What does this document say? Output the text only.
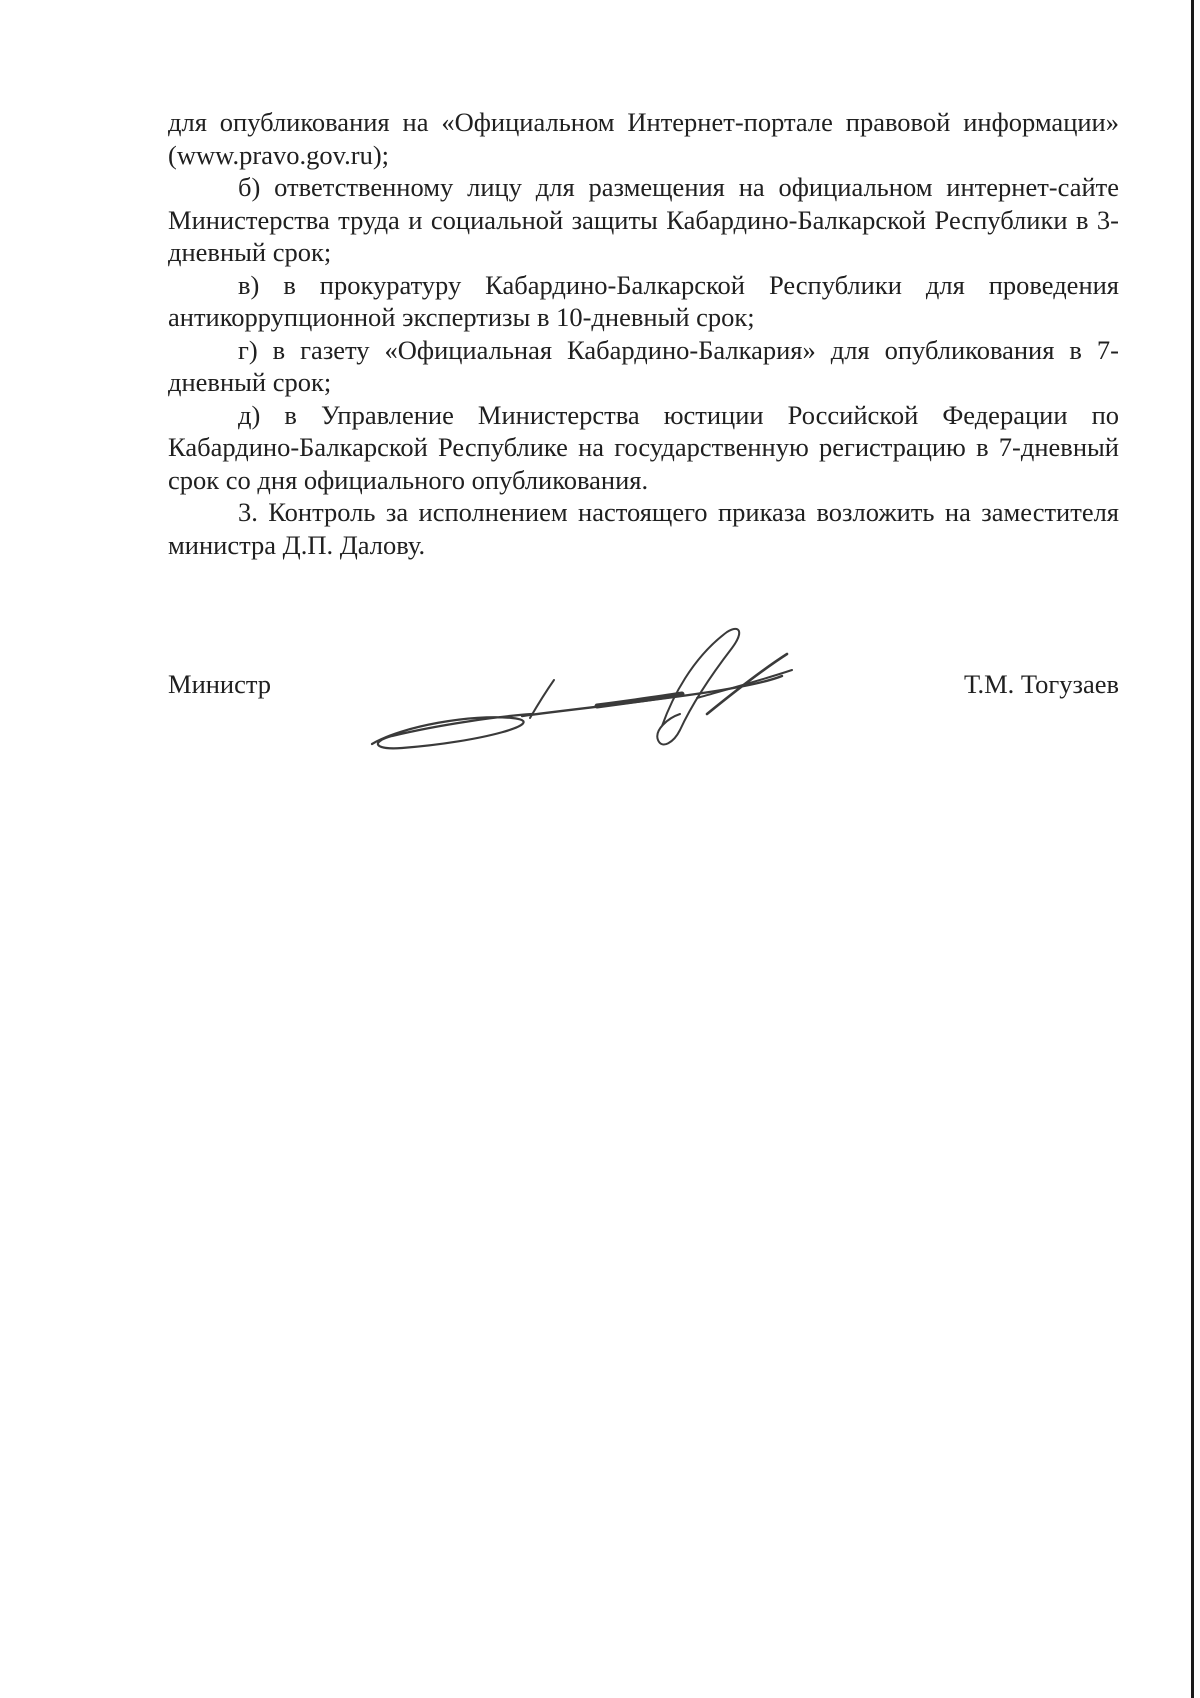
для опубликования на «Официальном Интернет-портале правовой информации» (www.pravo.gov.ru);

б) ответственному лицу для размещения на официальном интернет-сайте Министерства труда и социальной защиты Кабардино-Балкарской Республики в 3-дневный срок;

в) в прокуратуру Кабардино-Балкарской Республики для проведения антикоррупционной экспертизы в 10-дневный срок;

г) в газету «Официальная Кабардино-Балкария» для опубликования в 7-дневный срок;

д) в Управление Министерства юстиции Российской Федерации по Кабардино-Балкарской Республике на государственную регистрацию в 7-дневный срок со дня официального опубликования.

3. Контроль за исполнением настоящего приказа возложить на заместителя министра Д.П. Далову.

Министр	Т.М. Тогузаев
